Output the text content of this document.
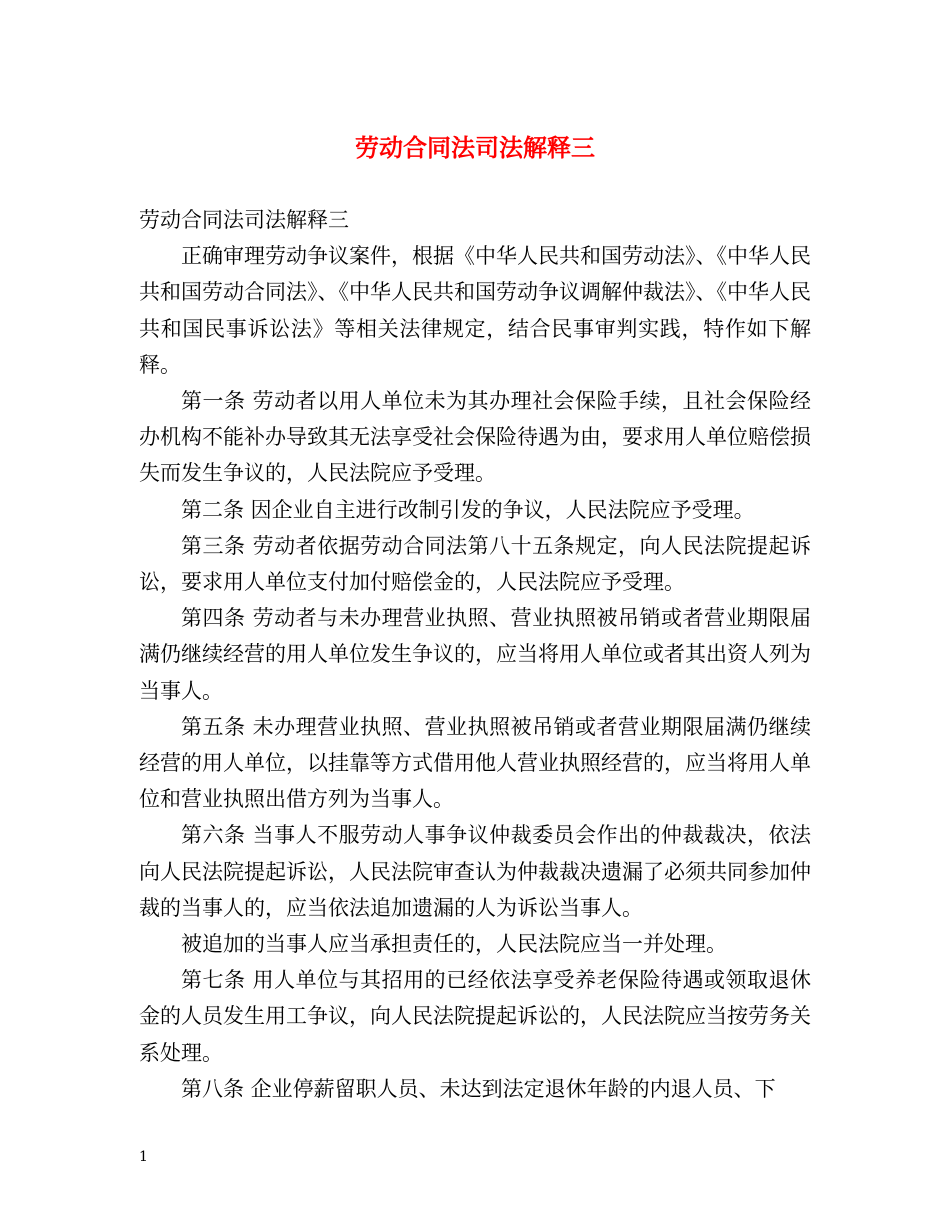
劳动合同法司法解释三

劳动合同法司法解释三

正确审理劳动争议案件，根据《中华人民共和国劳动法》、《中华人民共和国劳动合同法》、《中华人民共和国劳动争议调解仲裁法》、《中华人民共和国民事诉讼法》等相关法律规定，结合民事审判实践，特作如下解释。

第一条 劳动者以用人单位未为其办理社会保险手续，且社会保险经办机构不能补办导致其无法享受社会保险待遇为由，要求用人单位赔偿损失而发生争议的，人民法院应予受理。

第二条 因企业自主进行改制引发的争议，人民法院应予受理。

第三条 劳动者依据劳动合同法第八十五条规定，向人民法院提起诉讼，要求用人单位支付加付赔偿金的，人民法院应予受理。

第四条 劳动者与未办理营业执照、营业执照被吊销或者营业期限届满仍继续经营的用人单位发生争议的，应当将用人单位或者其出资人列为当事人。

第五条 未办理营业执照、营业执照被吊销或者营业期限届满仍继续经营的用人单位，以挂靠等方式借用他人营业执照经营的，应当将用人单位和营业执照出借方列为当事人。

第六条 当事人不服劳动人事争议仲裁委员会作出的仲裁裁决，依法向人民法院提起诉讼，人民法院审查认为仲裁裁决遗漏了必须共同参加仲裁的当事人的，应当依法追加遗漏的人为诉讼当事人。

被追加的当事人应当承担责任的，人民法院应当一并处理。

第七条 用人单位与其招用的已经依法享受养老保险待遇或领取退休金的人员发生用工争议，向人民法院提起诉讼的，人民法院应当按劳务关系处理。

第八条 企业停薪留职人员、未达到法定退休年龄的内退人员、下

1
